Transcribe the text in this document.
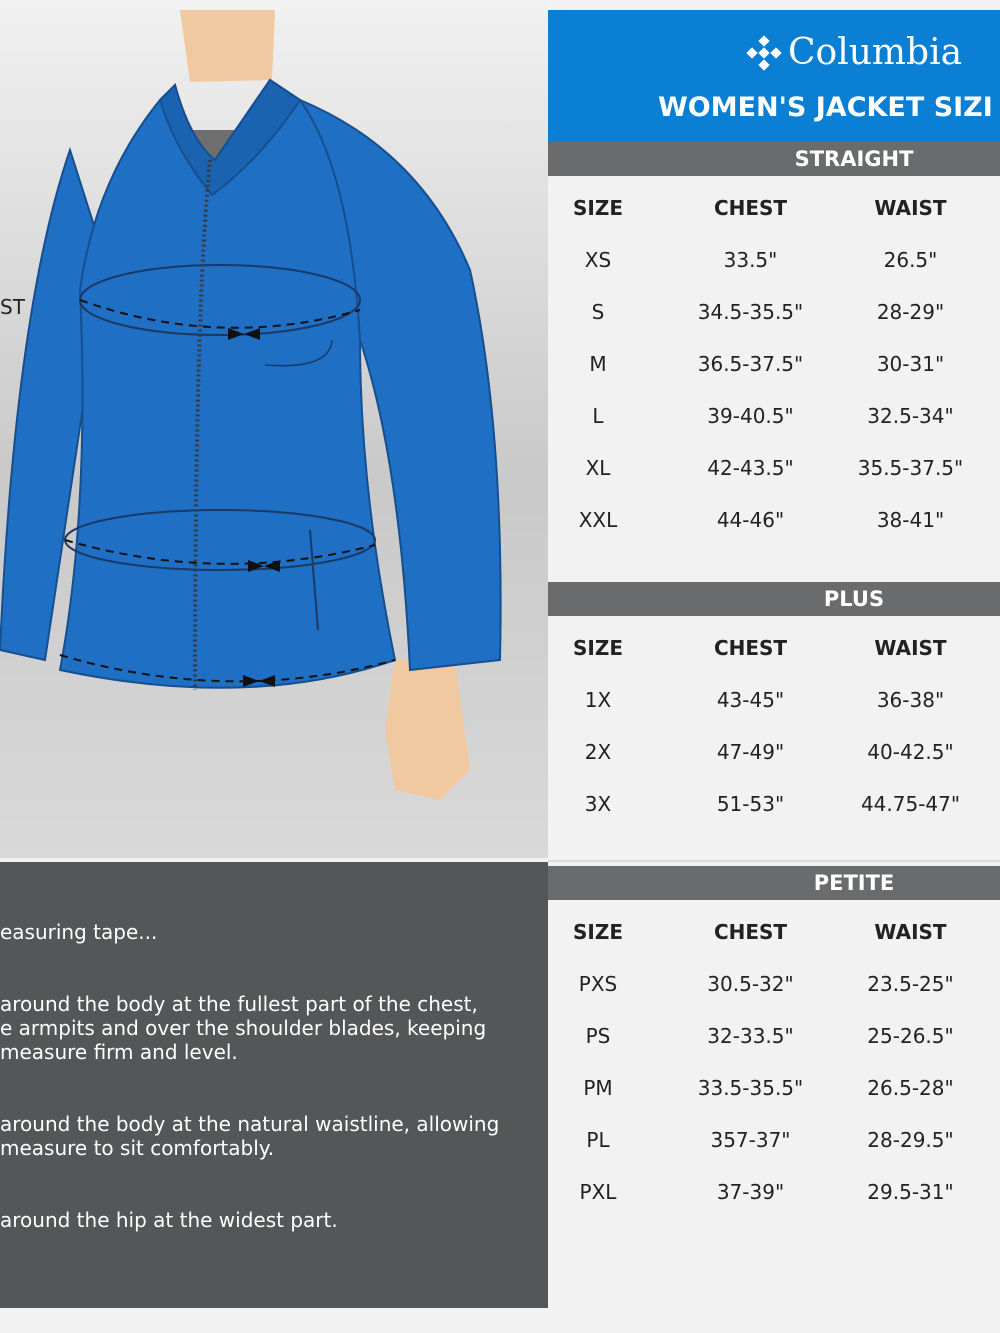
ST
easuring tape...
around the body at the fullest part of the chest,
e armpits and over the shoulder blades, keeping
measure firm and level.
around the body at the natural waistline, allowing
measure to sit comfortably.
around the hip at the widest part.
Columbia
WOMEN'S JACKET SIZI
STRAIGHT
SIZE	CHEST	WAIST
XS	33.5"	26.5"
S	34.5-35.5"	28-29"
M	36.5-37.5"	30-31"
L	39-40.5"	32.5-34"
XL	42-43.5"	35.5-37.5"
XXL	44-46"	38-41"
PLUS
SIZE	CHEST	WAIST
1X	43-45"	36-38"
2X	47-49"	40-42.5"
3X	51-53"	44.75-47"
PETITE
SIZE	CHEST	WAIST
PXS	30.5-32"	23.5-25"
PS	32-33.5"	25-26.5"
PM	33.5-35.5"	26.5-28"
PL	357-37"	28-29.5"
PXL	37-39"	29.5-31"
